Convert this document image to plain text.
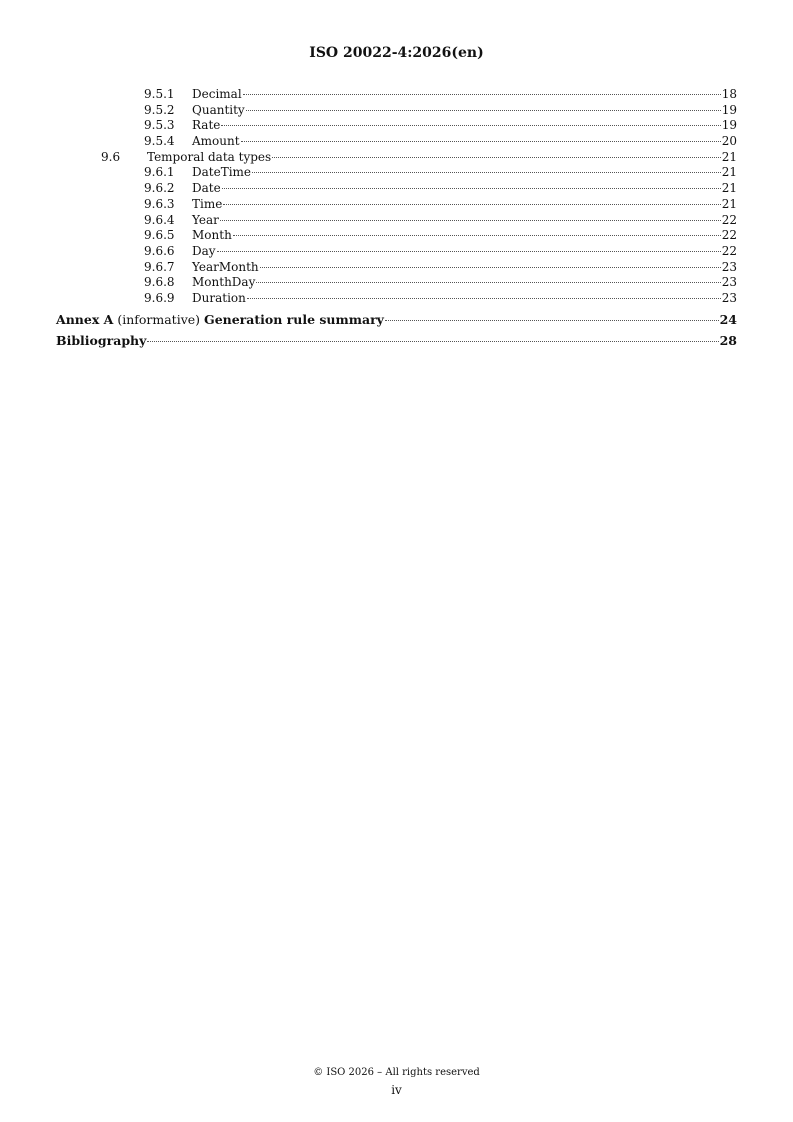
ISO 20022-4:2026(en)
9.5.1	Decimal	18
9.5.2	Quantity	19
9.5.3	Rate	19
9.5.4	Amount	20
9.6	Temporal data types	21
9.6.1	DateTime	21
9.6.2	Date	21
9.6.3	Time	21
9.6.4	Year	22
9.6.5	Month	22
9.6.6	Day	22
9.6.7	YearMonth	23
9.6.8	MonthDay	23
9.6.9	Duration	23
Annex A (informative) Generation rule summary	24
Bibliography	28
© ISO 2026 – All rights reserved
iv
